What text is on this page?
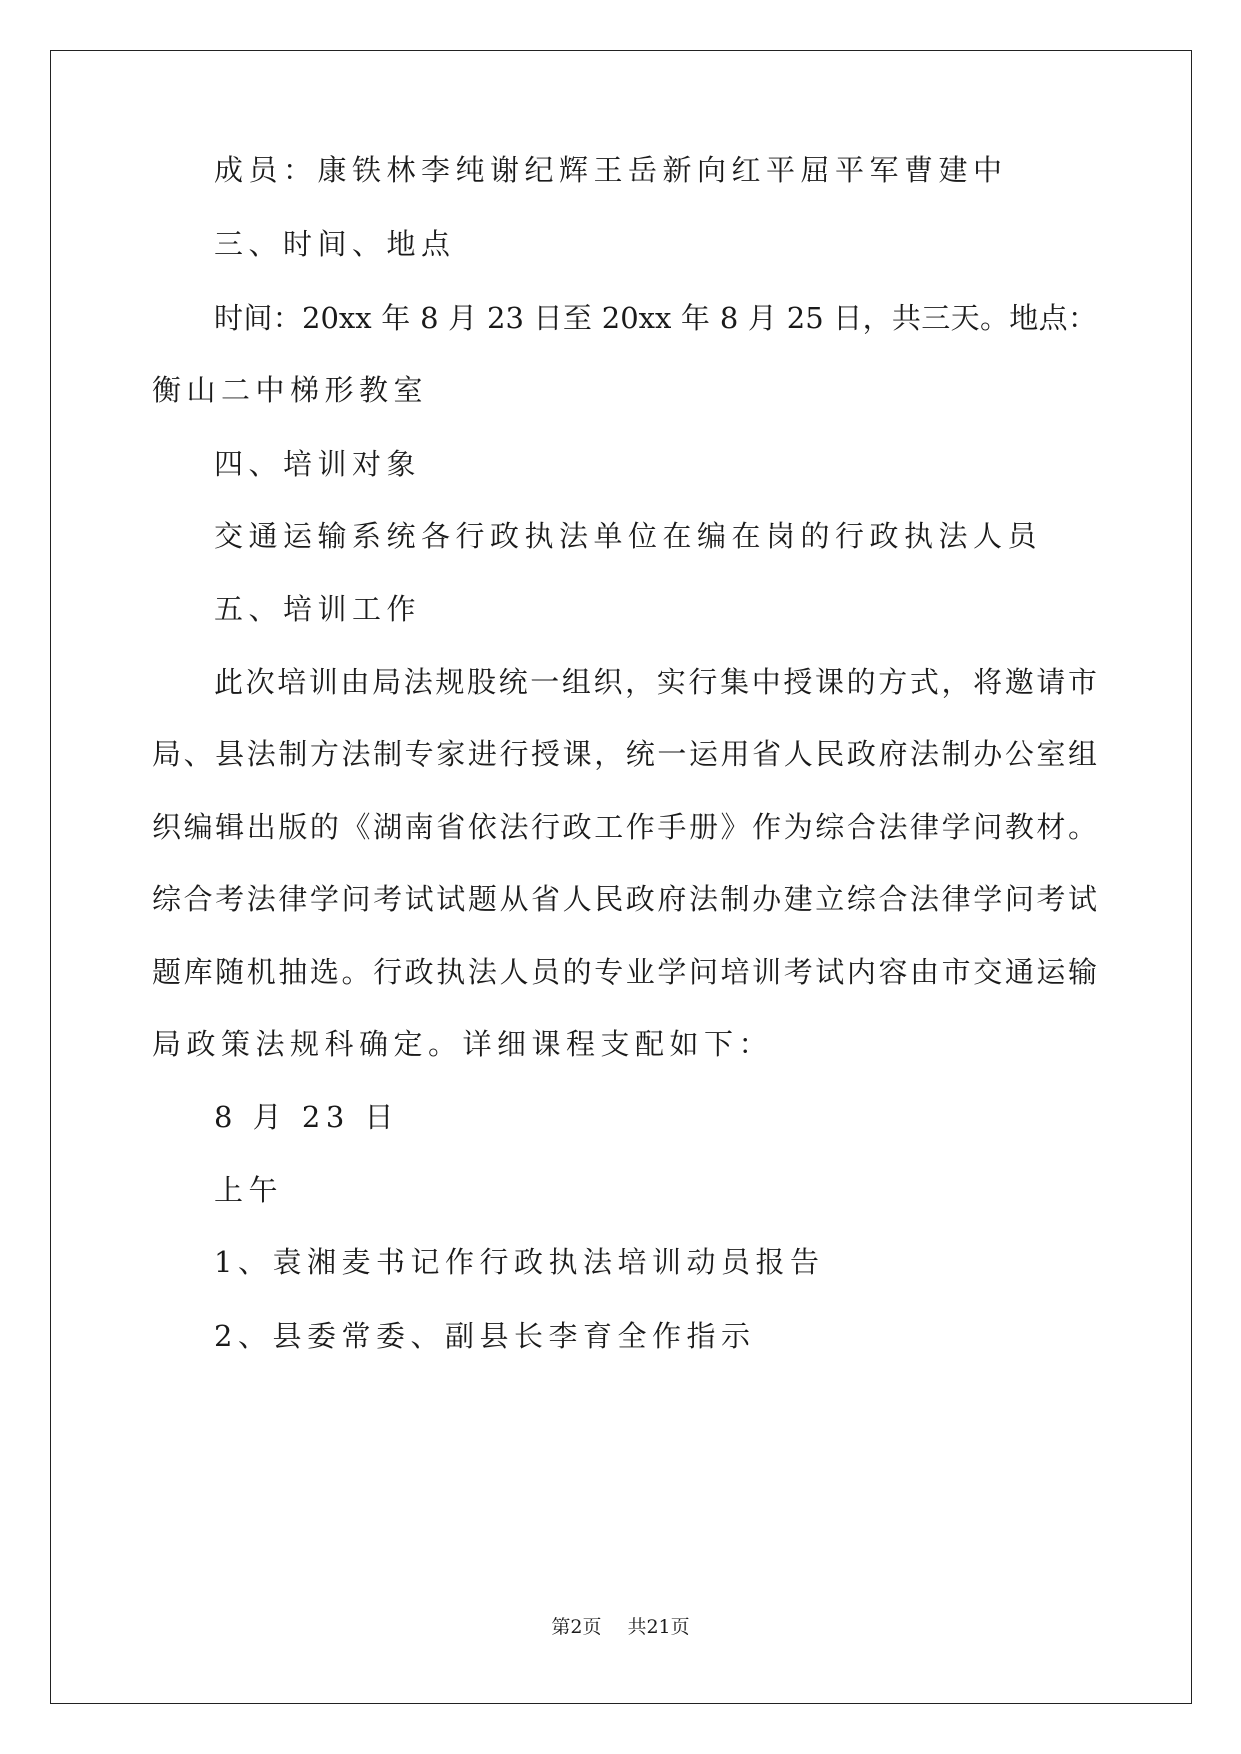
成员：康铁林李纯谢纪辉王岳新向红平屈平军曹建中
三、时间、地点
时间：20xx 年 8 月 23 日至 20xx 年 8 月 25 日，共三天。地点：
衡山二中梯形教室
四、培训对象
交通运输系统各行政执法单位在编在岗的行政执法人员
五、培训工作
此次培训由局法规股统一组织，实行集中授课的方式，将邀请市
局、县法制方法制专家进行授课，统一运用省人民政府法制办公室组
织编辑出版的《湖南省依法行政工作手册》作为综合法律学问教材。
综合考法律学问考试试题从省人民政府法制办建立综合法律学问考试
题库随机抽选。行政执法人员的专业学问培训考试内容由市交通运输
局政策法规科确定。详细课程支配如下：
8 月 23 日
上午
1、袁湘麦书记作行政执法培训动员报告
2、县委常委、副县长李育全作指示
第2页 共21页
